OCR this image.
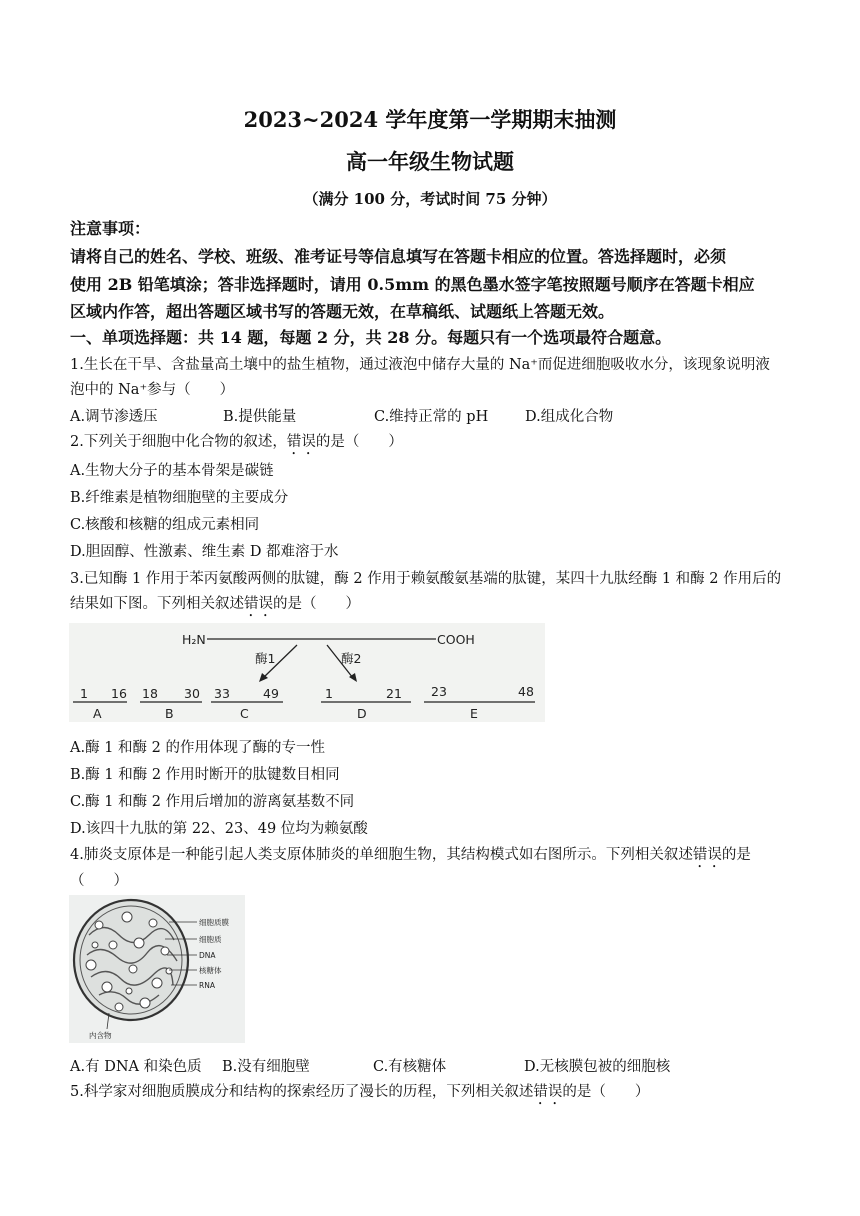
2023~2024 学年度第一学期期末抽测
高一年级生物试题
（满分 100 分，考试时间 75 分钟）
注意事项：
请将自己的姓名、学校、班级、准考证号等信息填写在答题卡相应的位置。答选择题时，必须
使用 2B 铅笔填涂；答非选择题时，请用 0.5mm 的黑色墨水签字笔按照题号顺序在答题卡相应
区域内作答，超出答题区域书写的答题无效，在草稿纸、试题纸上答题无效。
一、单项选择题：共 14 题，每题 2 分，共 28 分。每题只有一个选项最符合题意。
1.生长在干旱、含盐量高土壤中的盐生植物，通过液泡中储存大量的 Na⁺而促进细胞吸收水分，该现象说明液
泡中的 Na⁺参与（　　）
A.调节渗透压	B.提供能量	C.维持正常的 pH	D.组成化合物
2.下列关于细胞中化合物的叙述，错误的是（　　）
A.生物大分子的基本骨架是碳链
B.纤维素是植物细胞壁的主要成分
C.核酸和核糖的组成元素相同
D.胆固醇、性激素、维生素 D 都难溶于水
3.已知酶 1 作用于苯丙氨酸两侧的肽键，酶 2 作用于赖氨酸氨基端的肽键，某四十九肽经酶 1 和酶 2 作用后的
结果如下图。下列相关叙述错误的是（　　）
H₂N	COOH
酶1	酶2
1 16
A
18 30
B
33	49
C
1	21
D
23	48
E
A.酶 1 和酶 2 的作用体现了酶的专一性
B.酶 1 和酶 2 作用时断开的肽键数目相同
C.酶 1 和酶 2 作用后增加的游离氨基数不同
D.该四十九肽的第 22、23、49 位均为赖氨酸
4.肺炎支原体是一种能引起人类支原体肺炎的单细胞生物，其结构模式如右图所示。下列相关叙述错误的是
（　　）
细胞质膜
细胞质
DNA
核糖体
RNA
内含物
A.有 DNA 和染色质 B.没有细胞壁	C.有核糖体	D.无核膜包被的细胞核
5.科学家对细胞质膜成分和结构的探索经历了漫长的历程，下列相关叙述错误的是（　　）
